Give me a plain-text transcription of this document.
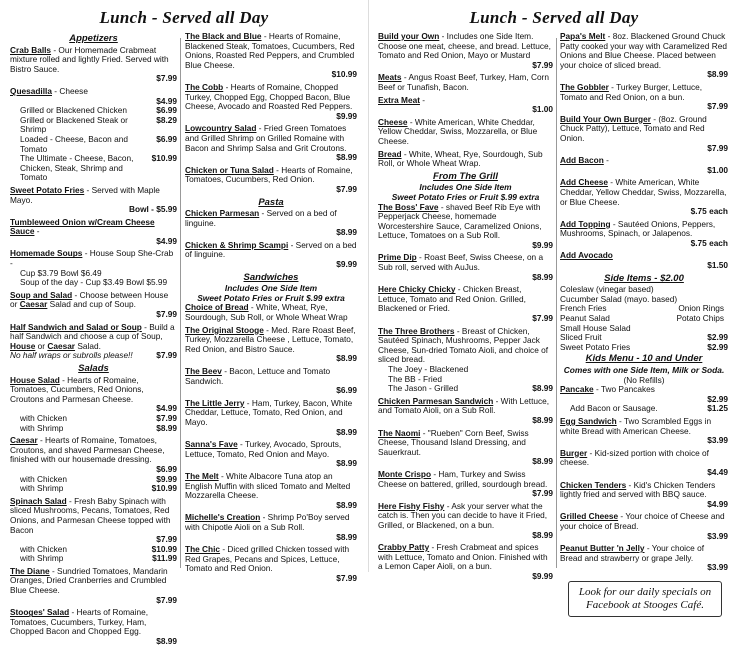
Lunch - Served all Day
Appetizers
Crab Balls - Our Homemade Crabmeat mixture rolled and lightly Fried. Served with Bistro Sauce.
$7.99
Quesadilla - Cheese
$4.99
Grilled or Blackened Chicken	$6.99
Grilled or Blackened Steak or Shrimp
$8.29
Loaded - Cheese, Bacon and Tomato
$6.99
The Ultimate - Cheese, Bacon, Chicken, Steak, Shrimp and Tomato
$10.99
Sweet Potato Fries - Served with Maple Mayo.
Bowl - $5.99
Tumbleweed Onion w/Cream Cheese Sauce -
$4.99
Homemade Soups - House Soup She-Crab -
Cup $3.79 Bowl $6.49
Soup of the day - Cup $3.49 Bowl $5.99
Soup and Salad - Choose between House or Caesar Salad and cup of Soup.
$7.99
Half Sandwich and Salad or Soup - Build a half Sandwich and choose a cup of Soup, House or Caesar Salad.
No half wraps or subrolls please!!	$7.99
Salads
House Salad - Hearts of Romaine, Tomatoes, Cucumbers, Red Onions, Croutons and Parmesan Cheese.
$4.99
with Chicken	$7.99
with Shrimp	$8.99
Caesar - Hearts of Romaine, Tomatoes, Croutons, and shaved Parmesan Cheese, finished with our housemade dressing.
$6.99
with Chicken	$9.99
with Shrimp	$10.99
Spinach Salad - Fresh Baby Spinach with sliced Mushrooms, Pecans, Tomatoes, Red Onions, and Parmesan Cheese topped with Bacon
$7.99
with Chicken	$10.99
with Shrimp	$11.99
The Diane - Sundried Tomatoes, Mandarin Oranges, Dried Cranberries and Crumbled Blue Cheese.
$7.99
Stooges' Salad - Hearts of Romaine, Tomatoes, Cucumbers, Turkey, Ham, Chopped Bacon and Chopped Egg.
$8.99
The Black and Blue - Hearts of Romaine, Blackened Steak, Tomatoes, Cucumbers, Red Onions, Roasted Red Peppers, and Crumbled Blue Cheese.
$10.99
The Cobb - Hearts of Romaine, Chopped Turkey, Chopped Egg, Chopped Bacon, Blue Cheese, Avocado and Roasted Red Peppers.
$9.99
Lowcountry Salad - Fried Green Tomatoes and Grilled Shrimp on Grilled Romaine with Bacon and Shrimp Salsa and Grit Croutons.
$8.99
Chicken or Tuna Salad - Hearts of Romaine, Tomatoes, Cucumbers, Red Onion.
$7.99
Pasta
Chicken Parmesan - Served on a bed of linguine.
$8.99
Chicken & Shrimp Scampi - Served on a bed of linguine.
$9.99
Sandwiches
Includes One Side Item
Sweet Potato Fries or Fruit $.99 extra
Choice of Bread - White, Wheat, Rye, Sourdough, Sub Roll, or Whole Wheat Wrap
The Original Stooge - Med. Rare Roast Beef, Turkey, Mozzarella Cheese , Lettuce, Tomato, Red Onion, and Bistro Sauce.
$8.99
The Beev - Bacon, Lettuce and Tomato Sandwich.
$6.99
The Little Jerry - Ham, Turkey, Bacon, White Cheddar, Lettuce, Tomato, Red Onion, and Mayo.
$8.99
Sanna's Fave - Turkey, Avocado, Sprouts, Lettuce, Tomato, Red Onion and Mayo.
$8.99
The Melt - White Albacore Tuna atop an English Muffin with sliced Tomato and Melted Mozzarella Cheese.
$8.99
Michelle's Creation - Shrimp Po'Boy served with Chipotle Aioli on a Sub Roll.
$8.99
The Chic - Diced grilled Chicken tossed with Red Grapes, Pecans and Spices, Lettuce, Tomato and Red Onion.
$7.99
Lunch - Served all Day
Build your Own - Includes one Side Item. Choose one meat, cheese, and bread. Lettuce, Tomato and Red Onion, Mayo or Mustard
$7.99
Meats - Angus Roast Beef, Turkey, Ham, Corn Beef or Tunafish, Bacon.
Extra Meat -
$1.00
Cheese - White American, White Cheddar, Yellow Cheddar, Swiss, Mozzarella, or Blue Cheese.
Bread - White, Wheat, Rye, Sourdough, Sub Roll, or Whole Wheat Wrap.
From The Grill
Includes One Side Item
Sweet Potato Fries or Fruit $.99 extra
The Boss' Fave - shaved Beef Rib Eye with Pepperjack Cheese, homemade Worcestershire Sauce, Caramelized Onions, Lettuce, Tomatoes on a Sub Roll.
$9.99
Prime Dip - Roast Beef, Swiss Cheese, on a Sub roll, served with AuJus.
$8.99
Here Chicky Chicky - Chicken Breast, Lettuce, Tomato and Red Onion. Grilled, Blackened or Fried.
$7.99
The Three Brothers - Breast of Chicken, Sautéed Spinach, Mushrooms, Pepper Jack Cheese, Sun-dried Tomato Aioli, and choice of sliced bread.
The Joey - Blackened
The BB - Fried
The Jason - Grilled	$8.99
Chicken Parmesan Sandwich - With Lettuce, and Tomato Aioli, on a Sub Roll.
$8.99
The Naomi - "Rueben" Corn Beef, Swiss Cheese, Thousand Island Dressing, and Sauerkraut.
$8.99
Monte Crispo - Ham, Turkey and Swiss Cheese on battered, grilled, sourdough bread.
$7.99
Here Fishy Fishy - Ask your server what the catch is. Then you can decide to have it Fried, Grilled, or Blackened, on a bun.
$8.99
Crabby Patty - Fresh Crabmeat and spices with Lettuce, Tomato and Onion. Finished with a Lemon Caper Aioli, on a bun.
$9.99
Papa's Melt - 8oz. Blackened Ground Chuck Patty cooked your way with Caramelized Red Onions and Blue Cheese. Placed between your choice of sliced bread.
$8.99
The Gobbler - Turkey Burger, Lettuce, Tomato and Red Onion, on a bun.
$7.99
Build Your Own Burger - (8oz. Ground Chuck Patty), Lettuce, Tomato and Red Onion.
$7.99
Add Bacon -
$1.00
Add Cheese - White American, White Cheddar, Yellow Cheddar, Swiss, Mozzarella, or Blue Cheese.
$.75 each
Add Topping - Sautéed Onions, Peppers, Mushrooms, Spinach, or Jalapenos.
$.75 each
Add Avocado
$1.50
Side Items - $2.00
Coleslaw (vinegar based)
Cucumber Salad (mayo. based)
French Fries	Onion Rings
Peanut Salad	Potato Chips
Small House Salad
Sliced Fruit	$2.99
Sweet Potato Fries	$2.99
Kids Menu - 10 and Under
Comes with one Side Item, Milk or Soda.
(No Refills)
Pancake - Two Pancakes
$2.99
Add Bacon or Sausage.	$1.25
Egg Sandwich - Two Scrambled Eggs in white Bread with American Cheese.
$3.99
Burger - Kid-sized portion with choice of cheese.
$4.49
Chicken Tenders - Kid's Chicken Tenders lightly fried and served with BBQ sauce.
$4.99
Grilled Cheese - Your choice of Cheese and your choice of Bread.
$3.99
Peanut Butter 'n Jelly - Your choice of Bread and strawberry or grape Jelly.
$3.99
Look for our daily specials on Facebook at Stooges Café.
